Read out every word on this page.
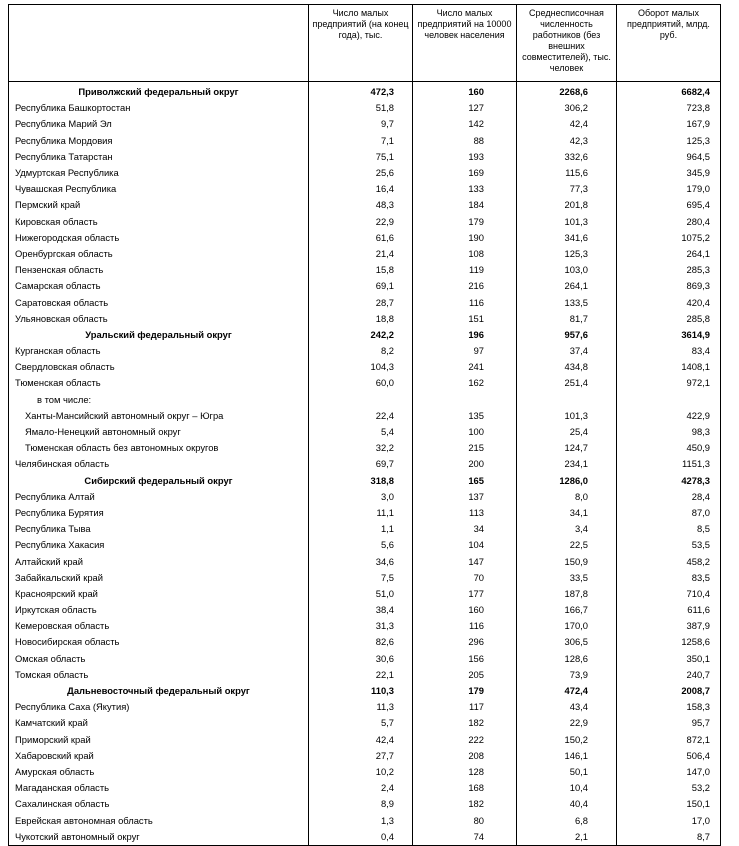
	Число малых предприятий (на конец года), тыс.	Число малых предприятий на 10000 человек населения	Среднесписочная численность работников (без внешних совместителей), тыс. человек	Оборот малых предприятий, млрд. руб.
Приволжский федеральный округ	472,3	160	2268,6	6682,4
Республика Башкортостан	51,8	127	306,2	723,8
Республика Марий Эл	9,7	142	42,4	167,9
Республика Мордовия	7,1	88	42,3	125,3
Республика Татарстан	75,1	193	332,6	964,5
Удмуртская Республика	25,6	169	115,6	345,9
Чувашская Республика	16,4	133	77,3	179,0
Пермский край	48,3	184	201,8	695,4
Кировская область	22,9	179	101,3	280,4
Нижегородская область	61,6	190	341,6	1075,2
Оренбургская область	21,4	108	125,3	264,1
Пензенская область	15,8	119	103,0	285,3
Самарская область	69,1	216	264,1	869,3
Саратовская область	28,7	116	133,5	420,4
Ульяновская область	18,8	151	81,7	285,8
Уральский федеральный округ	242,2	196	957,6	3614,9
Курганская область	8,2	97	37,4	83,4
Свердловская область	104,3	241	434,8	1408,1
Тюменская область	60,0	162	251,4	972,1
в том числе:				
Ханты-Мансийский автономный округ – Югра	22,4	135	101,3	422,9
Ямало-Ненецкий автономный округ	5,4	100	25,4	98,3
Тюменская область без автономных округов	32,2	215	124,7	450,9
Челябинская область	69,7	200	234,1	1151,3
Сибирский федеральный округ	318,8	165	1286,0	4278,3
Республика Алтай	3,0	137	8,0	28,4
Республика Бурятия	11,1	113	34,1	87,0
Республика Тыва	1,1	34	3,4	8,5
Республика Хакасия	5,6	104	22,5	53,5
Алтайский край	34,6	147	150,9	458,2
Забайкальский край	7,5	70	33,5	83,5
Красноярский край	51,0	177	187,8	710,4
Иркутская область	38,4	160	166,7	611,6
Кемеровская область	31,3	116	170,0	387,9
Новосибирская область	82,6	296	306,5	1258,6
Омская область	30,6	156	128,6	350,1
Томская область	22,1	205	73,9	240,7
Дальневосточный федеральный округ	110,3	179	472,4	2008,7
Республика Саха (Якутия)	11,3	117	43,4	158,3
Камчатский край	5,7	182	22,9	95,7
Приморский край	42,4	222	150,2	872,1
Хабаровский край	27,7	208	146,1	506,4
Амурская область	10,2	128	50,1	147,0
Магаданская область	2,4	168	10,4	53,2
Сахалинская область	8,9	182	40,4	150,1
Еврейская автономная область	1,3	80	6,8	17,0
Чукотский автономный округ	0,4	74	2,1	8,7
